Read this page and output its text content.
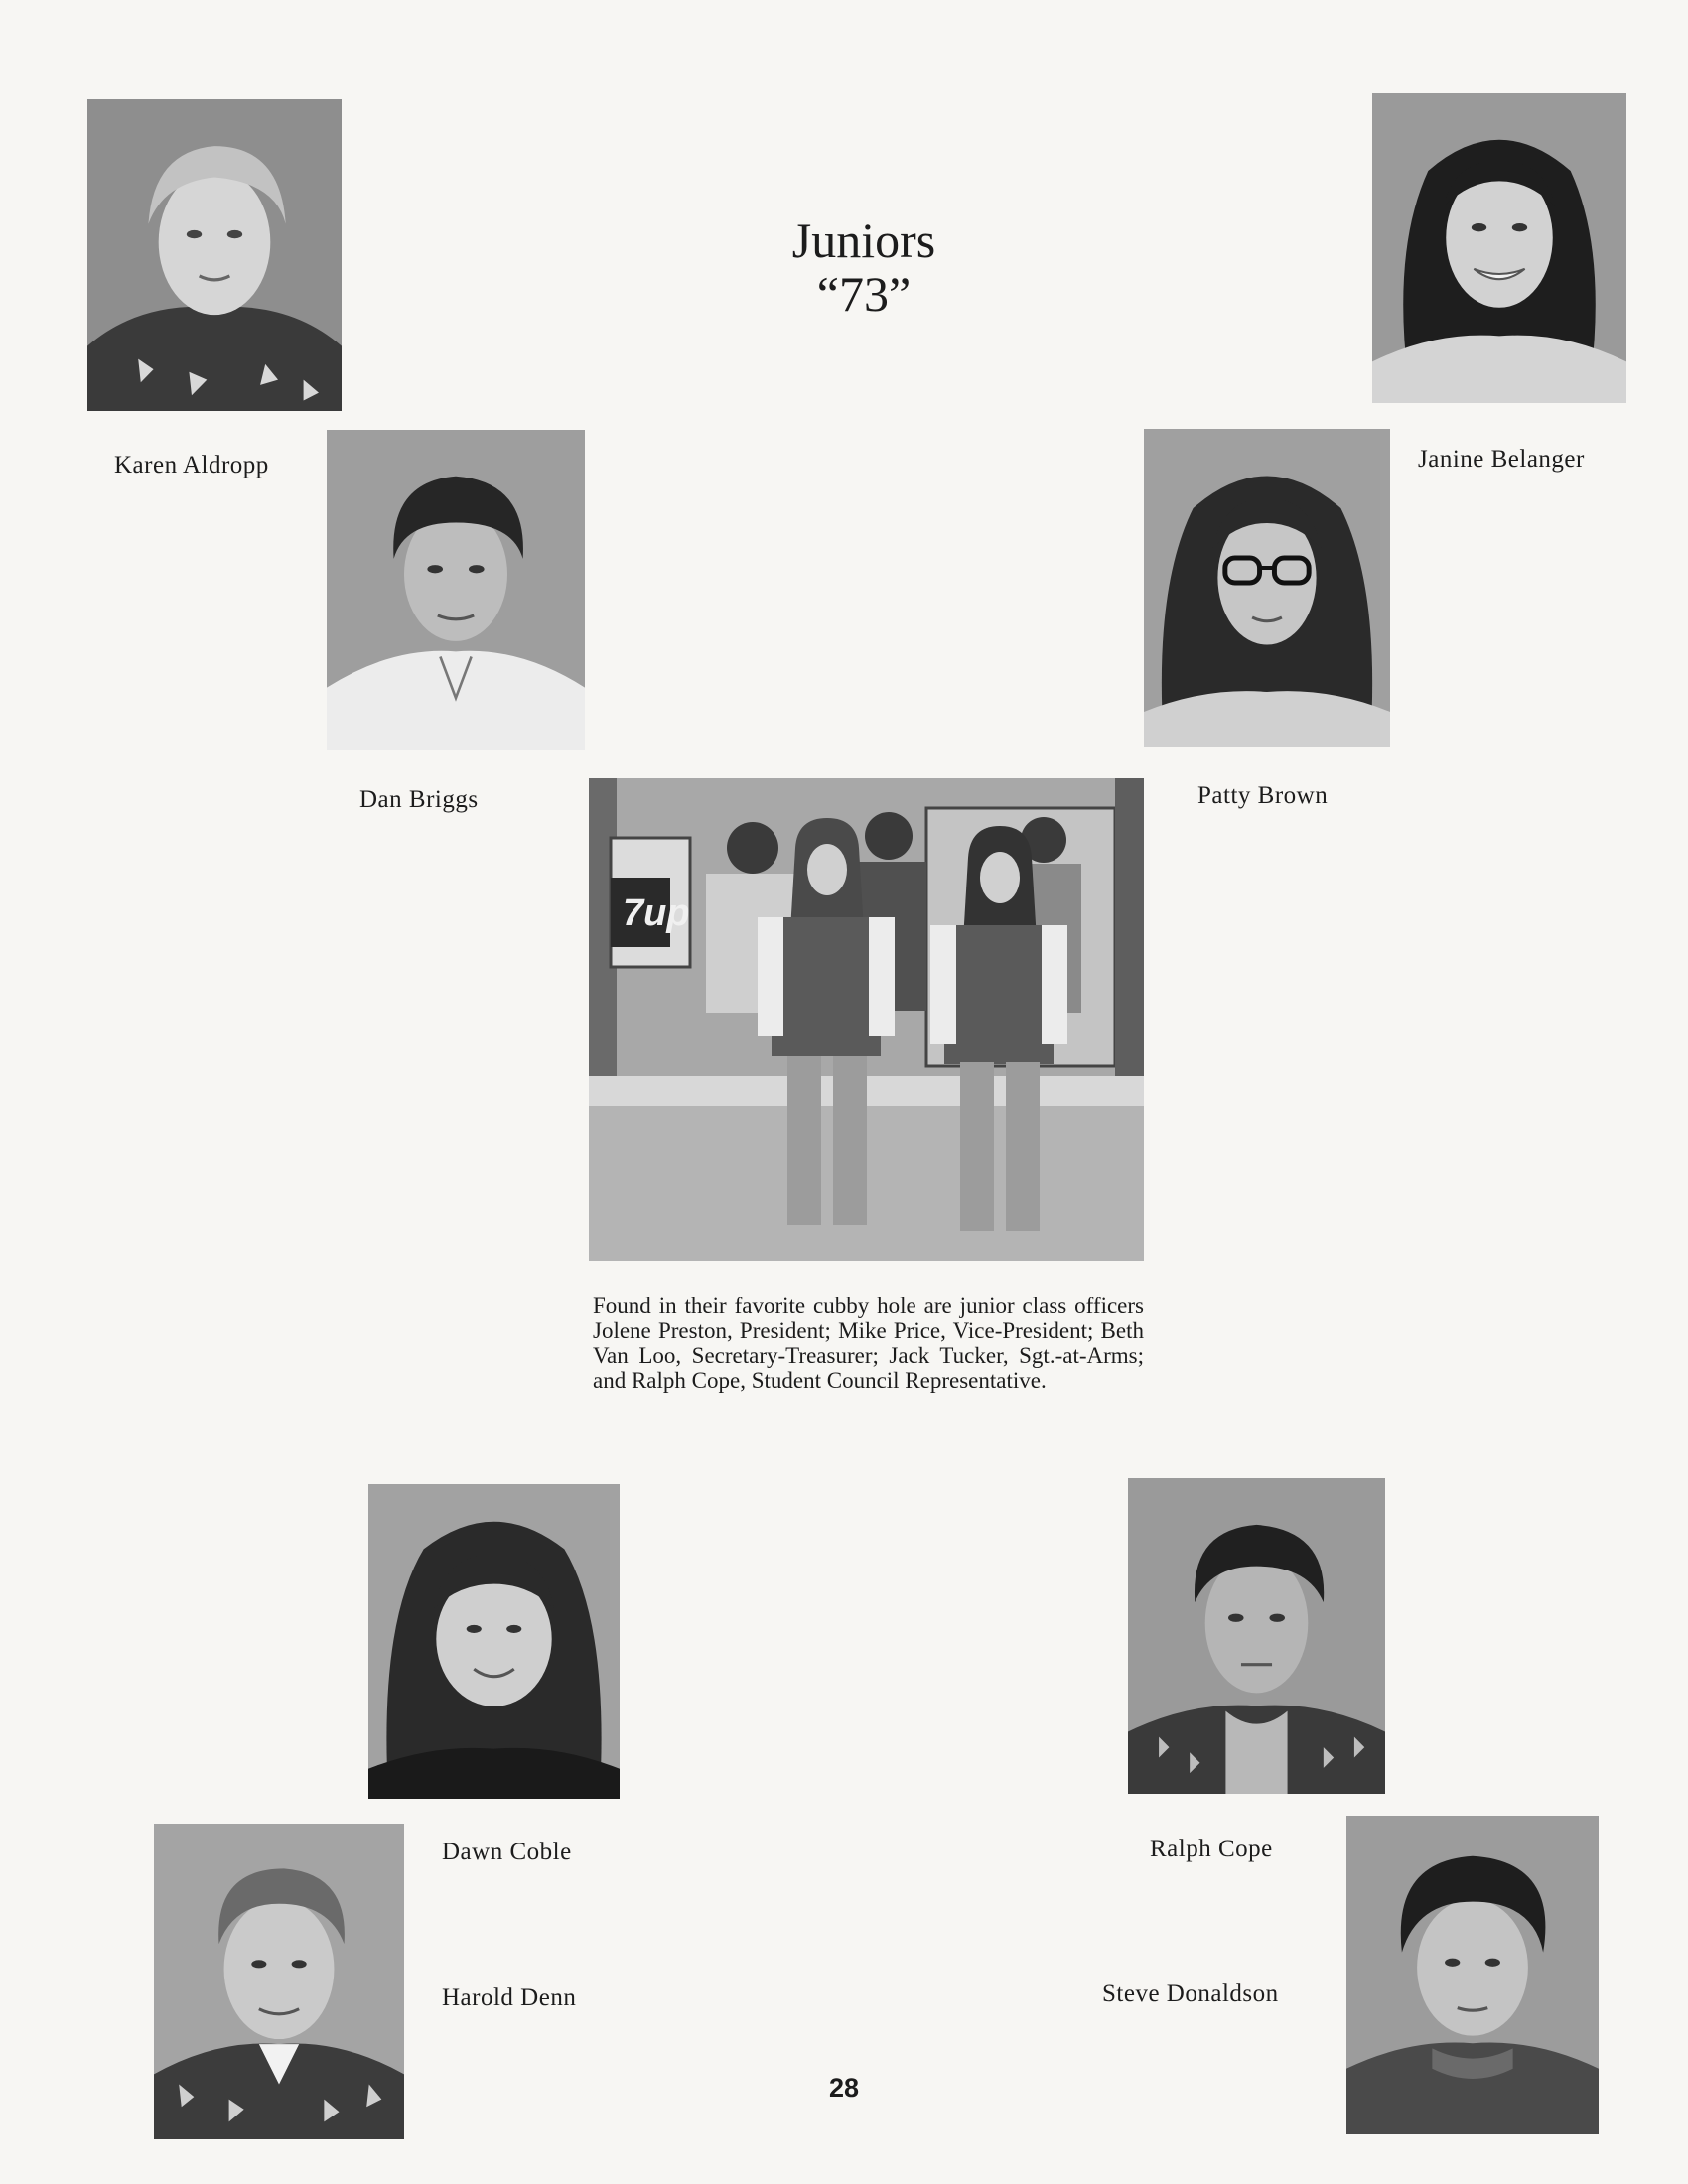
Juniors
“73”
Karen Aldropp	Janine Belanger
Dan Briggs	Patty Brown
7up
Found in their favorite cubby hole are junior class officers Jolene Preston, President; Mike Price, Vice-President; Beth Van Loo, Secretary-Treasurer; Jack Tucker, Sgt.-at-Arms; and Ralph Cope, Student Council Representative.
Dawn Coble	Ralph Cope
Harold Denn	Steve Donaldson
28
